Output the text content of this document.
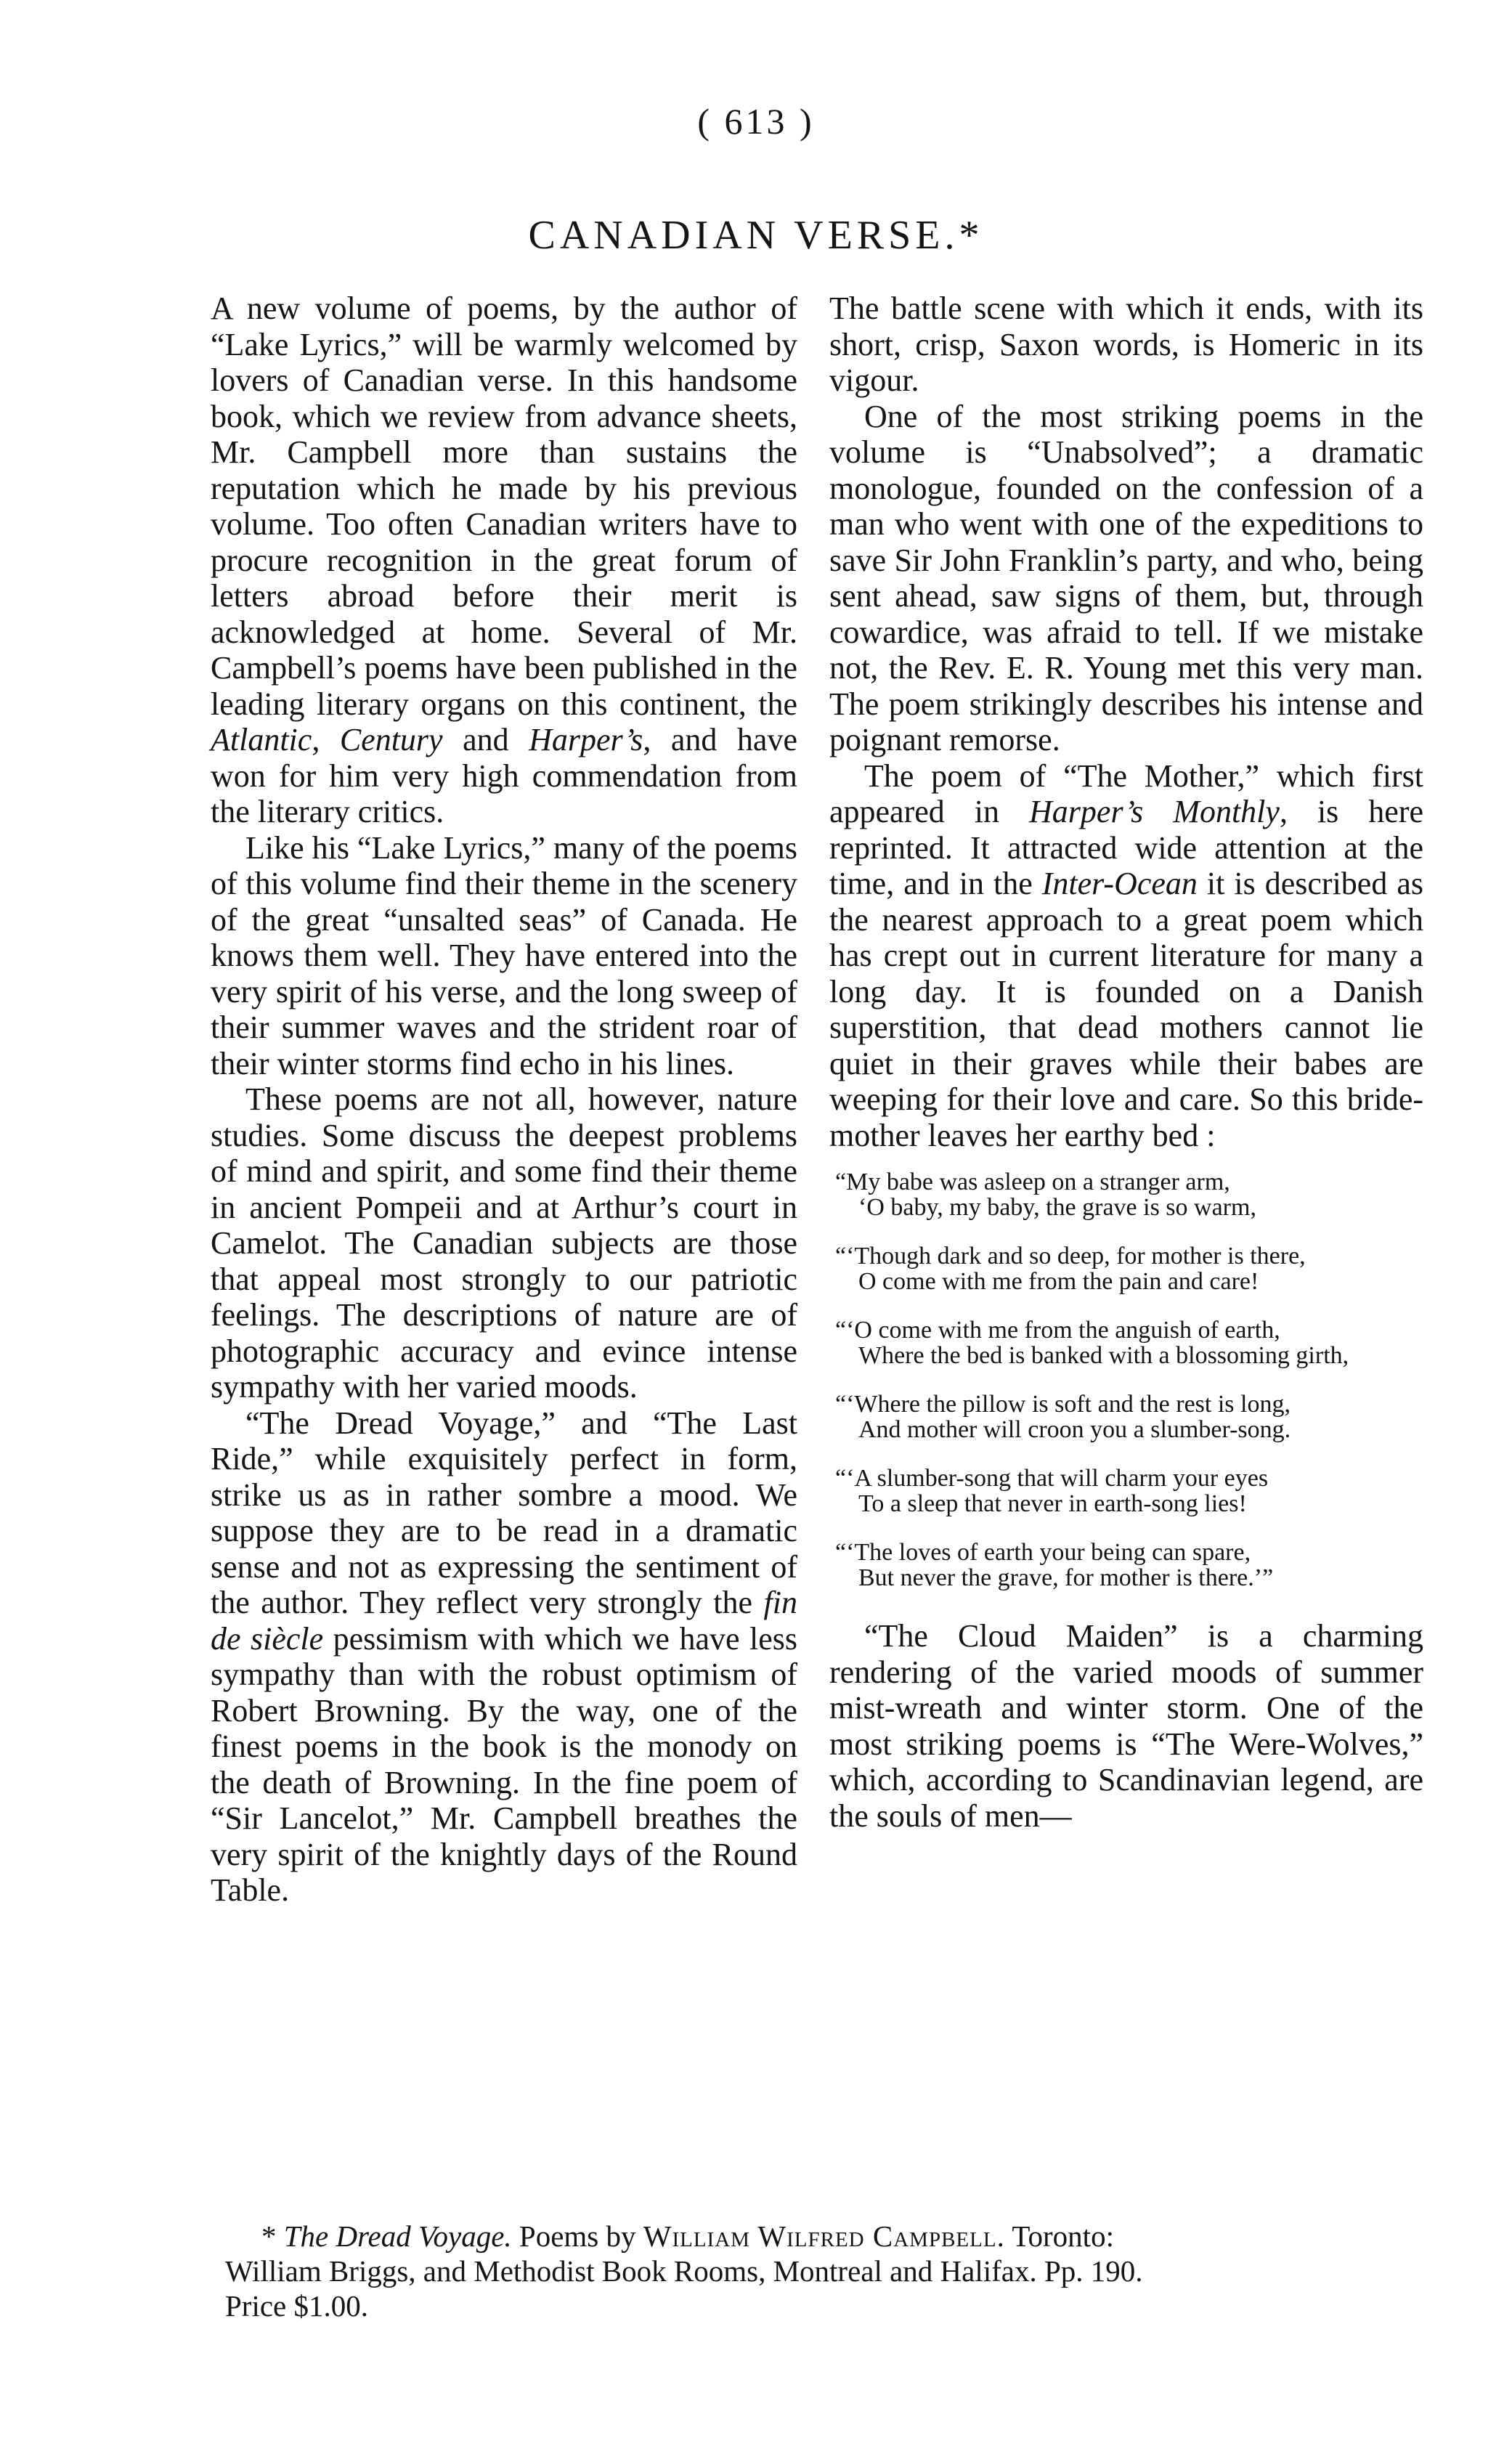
( 613 )
CANADIAN VERSE.*

A new volume of poems, by the author of “Lake Lyrics,” will be warmly welcomed by lovers of Canadian verse. In this handsome book, which we review from advance sheets, Mr. Campbell more than sustains the reputation which he made by his previous volume. Too often Canadian writers have to procure recognition in the great forum of letters abroad before their merit is acknowledged at home. Several of Mr. Campbell’s poems have been published in the leading literary organs on this continent, the Atlantic, Century and Harper’s, and have won for him very high commendation from the literary critics.

Like his “Lake Lyrics,” many of the poems of this volume find their theme in the scenery of the great “unsalted seas” of Canada. He knows them well. They have entered into the very spirit of his verse, and the long sweep of their summer waves and the strident roar of their winter storms find echo in his lines.

These poems are not all, however, nature studies. Some discuss the deepest problems of mind and spirit, and some find their theme in ancient Pompeii and at Arthur’s court in Camelot. The Canadian subjects are those that appeal most strongly to our patriotic feelings. The descriptions of nature are of photographic accuracy and evince intense sympathy with her varied moods.

“The Dread Voyage,” and “The Last Ride,” while exquisitely perfect in form, strike us as in rather sombre a mood. We suppose they are to be read in a dramatic sense and not as expressing the sentiment of the author. They reflect very strongly the fin de siècle pessimism with which we have less sympathy than with the robust optimism of Robert Browning. By the way, one of the finest poems in the book is the monody on the death of Browning. In the fine poem of “Sir Lancelot,” Mr. Campbell breathes the very spirit of the knightly days of the Round Table.

The battle scene with which it ends, with its short, crisp, Saxon words, is Homeric in its vigour.

One of the most striking poems in the volume is “Unabsolved”; a dramatic monologue, founded on the confession of a man who went with one of the expeditions to save Sir John Franklin’s party, and who, being sent ahead, saw signs of them, but, through cowardice, was afraid to tell. If we mistake not, the Rev. E. R. Young met this very man. The poem strikingly describes his intense and poignant remorse.

The poem of “The Mother,” which first appeared in Harper’s Monthly, is here reprinted. It attracted wide attention at the time, and in the Inter-Ocean it is described as the nearest approach to a great poem which has crept out in current literature for many a long day. It is founded on a Danish superstition, that dead mothers cannot lie quiet in their graves while their babes are weeping for their love and care. So this bride-mother leaves her earthy bed :

“My babe was asleep on a stranger arm,
‘O baby, my baby, the grave is so warm,
“‘Though dark and so deep, for mother is there,
O come with me from the pain and care!
“‘O come with me from the anguish of earth,
Where the bed is banked with a blossoming girth,
“‘Where the pillow is soft and the rest is long,
And mother will croon you a slumber-song.
“‘A slumber-song that will charm your eyes
To a sleep that never in earth-song lies!
“‘The loves of earth your being can spare,
But never the grave, for mother is there.’”

“The Cloud Maiden” is a charming rendering of the varied moods of summer mist-wreath and winter storm. One of the most striking poems is “The Were-Wolves,” which, according to Scandinavian legend, are the souls of men—

* The Dread Voyage. Poems by William Wilfred Campbell. Toronto:
William Briggs, and Methodist Book Rooms, Montreal and Halifax. Pp. 190.
Price $1.00.
